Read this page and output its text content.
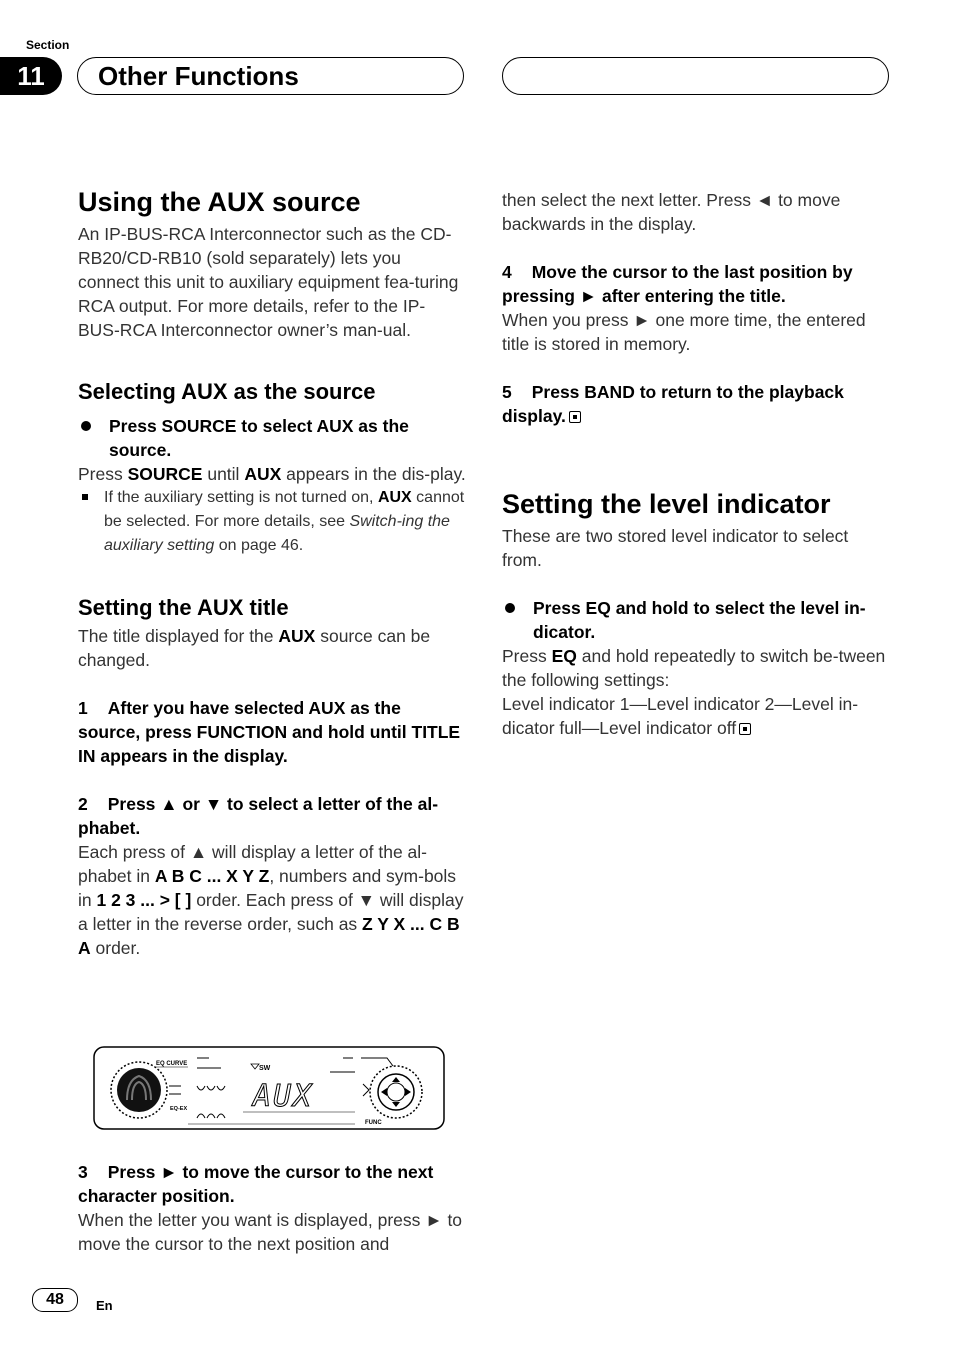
Section
11	Other Functions
Using the AUX source

An IP-BUS-RCA Interconnector such as the CD-RB20/CD-RB10 (sold separately) lets you connect this unit to auxiliary equipment fea-turing RCA output. For more details, refer to the IP-BUS-RCA Interconnector owner’s man-ual.

Selecting AUX as the source

Press SOURCE to select AUX as the source.

Press SOURCE until AUX appears in the dis-play.

If the auxiliary setting is not turned on, AUX cannot be selected. For more details, see Switch-ing the auxiliary setting on page 46.

Setting the AUX title

The title displayed for the AUX source can be changed.

1 After you have selected AUX as the source, press FUNCTION and hold until TITLE IN appears in the display.

2 Press ▲ or ▼ to select a letter of the al-phabet.

Each press of ▲ will display a letter of the al-phabet in A B C ... X Y Z, numbers and sym-bols in 1 2 3 ... > [ ] order. Each press of ▼ will display a letter in the reverse order, such as Z Y X ... C B A order.

EQ CURVE
EQ-EX
SW
FUNC
AUX

3 Press ► to move the cursor to the next character position.

When the letter you want is displayed, press ► to move the cursor to the next position and

then select the next letter. Press ◄ to move backwards in the display.

4 Move the cursor to the last position by pressing ► after entering the title.

When you press ► one more time, the entered title is stored in memory.

5 Press BAND to return to the playback display.

Setting the level indicator

These are two stored level indicator to select from.

Press EQ and hold to select the level in-dicator.

Press EQ and hold repeatedly to switch be-tween the following settings:

Level indicator 1—Level indicator 2—Level in-dicator full—Level indicator off

48	En
